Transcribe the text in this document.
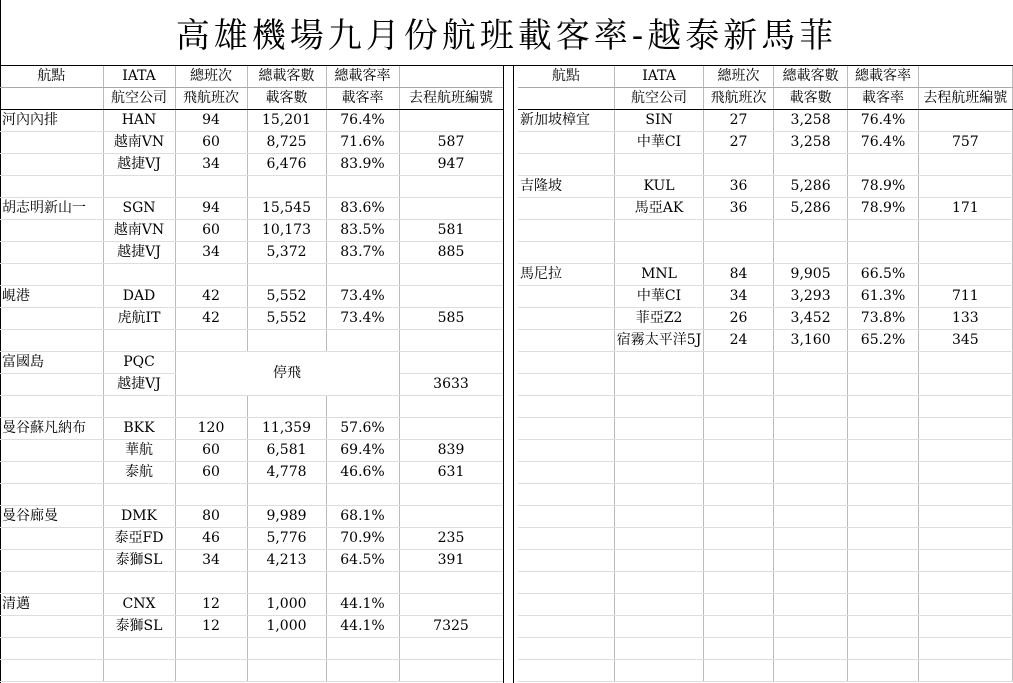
高雄機場九月份航班載客率-越泰新馬菲
航點	IATA	總班次	總載客數	總載客率	
	航空公司	飛航班次	載客數	載客率	去程航班編號
河內內排	HAN	94	15,201	76.4%	
	越南VN	60	8,725	71.6%	587
	越捷VJ	34	6,476	83.9%	947

胡志明新山一	SGN	94	15,545	83.6%	
	越南VN	60	10,173	83.5%	581
	越捷VJ	34	5,372	83.7%	885

峴港	DAD	42	5,552	73.4%	
	虎航IT	42	5,552	73.4%	585

富國島	PQC	停飛			
	越捷VJ				3633

曼谷蘇凡納布	BKK	120	11,359	57.6%	
	華航	60	6,581	69.4%	839
	泰航	60	4,778	46.6%	631

曼谷廊曼	DMK	80	9,989	68.1%	
	泰亞FD	46	5,776	70.9%	235
	泰獅SL	34	4,213	64.5%	391

清邁	CNX	12	1,000	44.1%	
	泰獅SL	12	1,000	44.1%	7325

航點	IATA	總班次	總載客數	總載客率	
	航空公司	飛航班次	載客數	載客率	去程航班編號
新加坡樟宜	SIN	27	3,258	76.4%	
	中華CI	27	3,258	76.4%	757

吉隆坡	KUL	36	5,286	78.9%	
	馬亞AK	36	5,286	78.9%	171

馬尼拉	MNL	84	9,905	66.5%	
	中華CI	34	3,293	61.3%	711
	菲亞Z2	26	3,452	73.8%	133
	宿霧太平洋5J	24	3,160	65.2%	345
